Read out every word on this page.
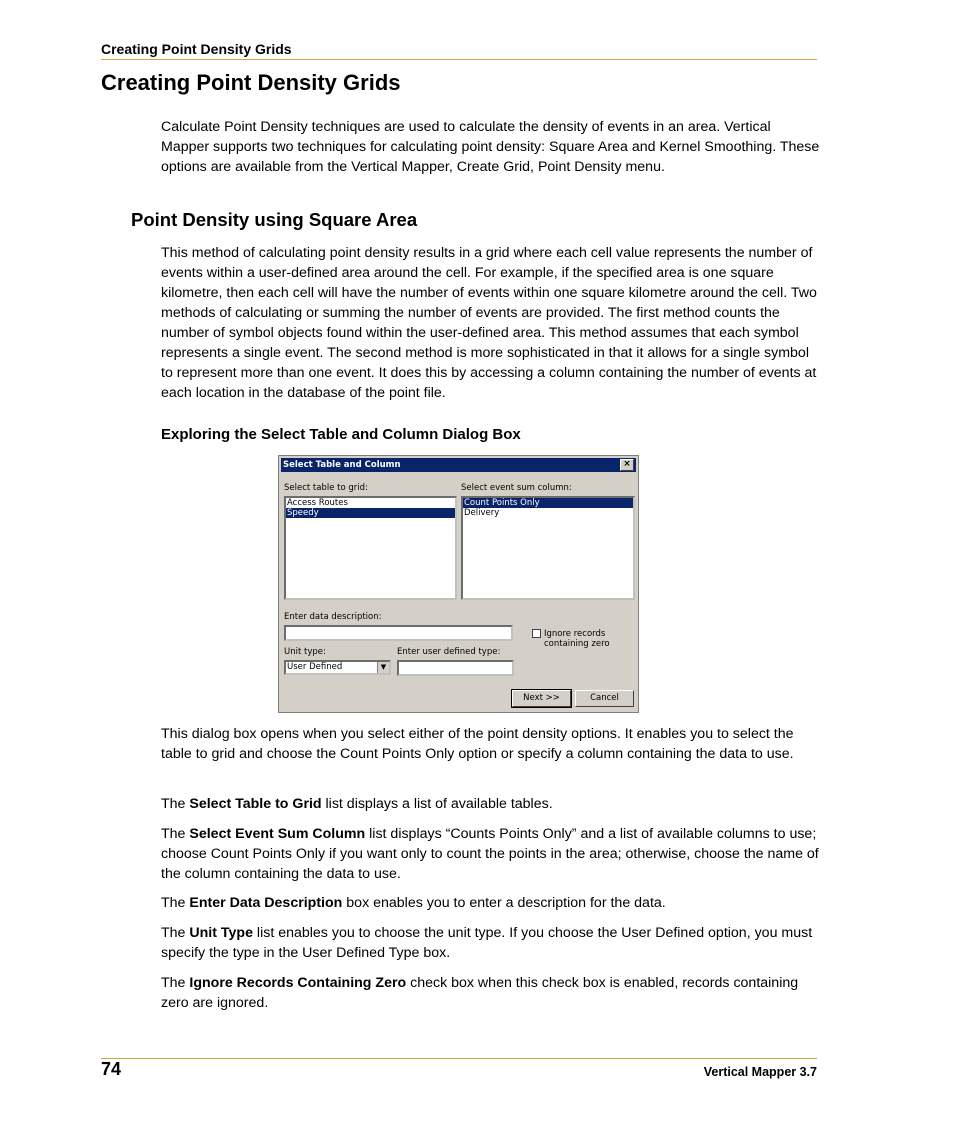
Creating Point Density Grids
Creating Point Density Grids

Calculate Point Density techniques are used to calculate the density of events in an area. Vertical Mapper supports two techniques for calculating point density: Square Area and Kernel Smoothing. These options are available from the Vertical Mapper, Create Grid, Point Density menu.

Point Density using Square Area

This method of calculating point density results in a grid where each cell value represents the number of events within a user-defined area around the cell. For example, if the specified area is one square kilometre, then each cell will have the number of events within one square kilometre around the cell. Two methods of calculating or summing the number of events are provided. The first method counts the number of symbol objects found within the user-defined area. This method assumes that each symbol represents a single event. The second method is more sophisticated in that it allows for a single symbol to represent more than one event. It does this by accessing a column containing the number of events at each location in the database of the point file.

Exploring the Select Table and Column Dialog Box
Select Table and Column	×
Select table to grid:
Access Routes
Speedy
Select event sum column:
Count Points Only
Delivery
Enter data description:
Ignore records
containing zero
Unit type:
User Defined	▼
Enter user defined type:
Next >>	Cancel

This dialog box opens when you select either of the point density options. It enables you to select the table to grid and choose the Count Points Only option or specify a column containing the data to use.

The Select Table to Grid list displays a list of available tables.

The Select Event Sum Column list displays “Counts Points Only” and a list of available columns to use; choose Count Points Only if you want only to count the points in the area; otherwise, choose the name of the column containing the data to use.

The Enter Data Description box enables you to enter a description for the data.

The Unit Type list enables you to choose the unit type. If you choose the User Defined option, you must specify the type in the User Defined Type box.

The Ignore Records Containing Zero check box when this check box is enabled, records containing zero are ignored.

74	Vertical Mapper 3.7
